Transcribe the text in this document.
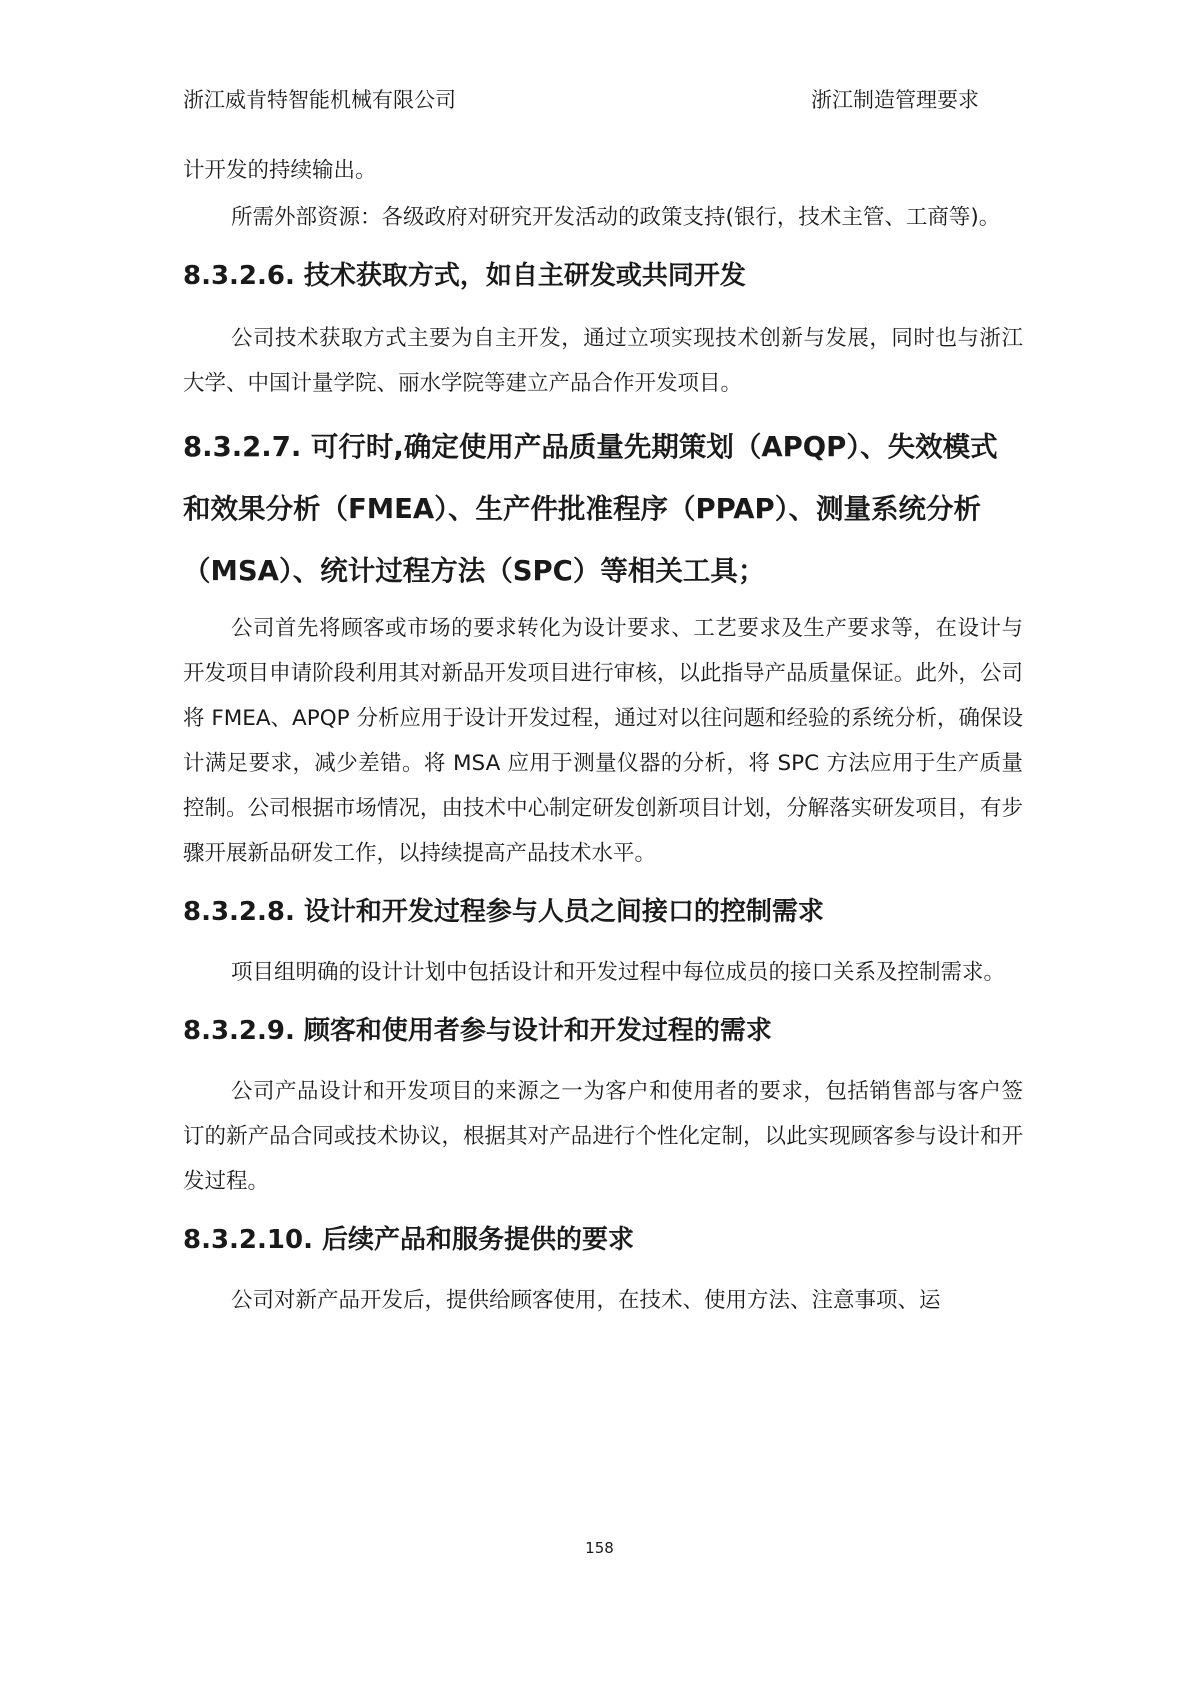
浙江威肯特智能机械有限公司	浙江制造管理要求

计开发的持续输出。

所需外部资源：各级政府对研究开发活动的政策支持(银行，技术主管、工商等)。

8.3.2.6. 技术获取方式，如自主研发或共同开发

公司技术获取方式主要为自主开发，通过立项实现技术创新与发展，同时也与浙江大学、中国计量学院、丽水学院等建立产品合作开发项目。

8.3.2.7. 可行时,确定使用产品质量先期策划（APQP）、失效模式和效果分析（FMEA）、生产件批准程序（PPAP）、测量系统分析（MSA）、统计过程方法（SPC）等相关工具；

公司首先将顾客或市场的要求转化为设计要求、工艺要求及生产要求等，在设计与开发项目申请阶段利用其对新品开发项目进行审核，以此指导产品质量保证。此外，公司将 FMEA、APQP 分析应用于设计开发过程，通过对以往问题和经验的系统分析，确保设计满足要求，减少差错。将 MSA 应用于测量仪器的分析，将 SPC 方法应用于生产质量控制。公司根据市场情况，由技术中心制定研发创新项目计划，分解落实研发项目，有步骤开展新品研发工作，以持续提高产品技术水平。

8.3.2.8. 设计和开发过程参与人员之间接口的控制需求

项目组明确的设计计划中包括设计和开发过程中每位成员的接口关系及控制需求。

8.3.2.9. 顾客和使用者参与设计和开发过程的需求

公司产品设计和开发项目的来源之一为客户和使用者的要求，包括销售部与客户签订的新产品合同或技术协议，根据其对产品进行个性化定制，以此实现顾客参与设计和开发过程。

8.3.2.10. 后续产品和服务提供的要求

公司对新产品开发后，提供给顾客使用，在技术、使用方法、注意事项、运

158
